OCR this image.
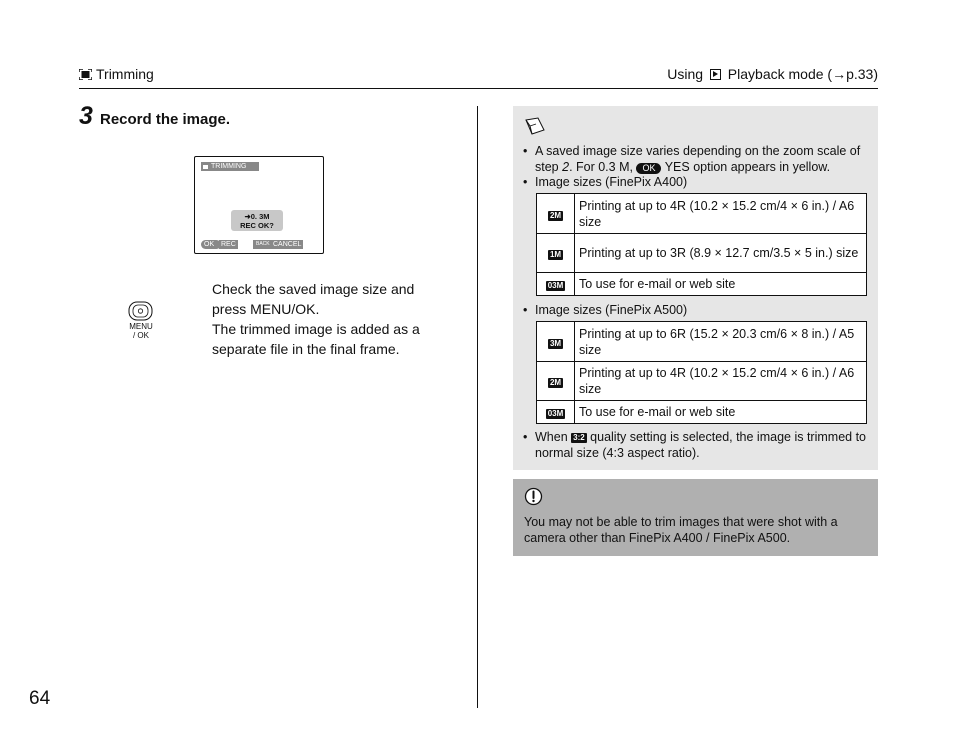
Trimming	Using Playback mode (→p.33)
3 Record the image.
TRIMMING
➜0. 3M
REC OK?
OK REC	BACK CANCEL
MENU
/ OK
Check the saved image size and press MENU/OK.
The trimmed image is added as a separate file in the final frame.
• A saved image size varies depending on the zoom scale of step 2. For 0.3 M, OK YES option appears in yellow.
• Image sizes (FinePix A400)
2M	Printing at up to 4R (10.2 × 15.2 cm/4 × 6 in.) / A6 size
1M	Printing at up to 3R (8.9 × 12.7 cm/3.5 × 5 in.) size
03M	To use for e-mail or web site
• Image sizes (FinePix A500)
3M	Printing at up to 6R (15.2 × 20.3 cm/6 × 8 in.) / A5 size
2M	Printing at up to 4R (10.2 × 15.2 cm/4 × 6 in.) / A6 size
03M	To use for e-mail or web site
• When 3:2 quality setting is selected, the image is trimmed to normal size (4:3 aspect ratio).
You may not be able to trim images that were shot with a camera other than FinePix A400 / FinePix A500.
64
